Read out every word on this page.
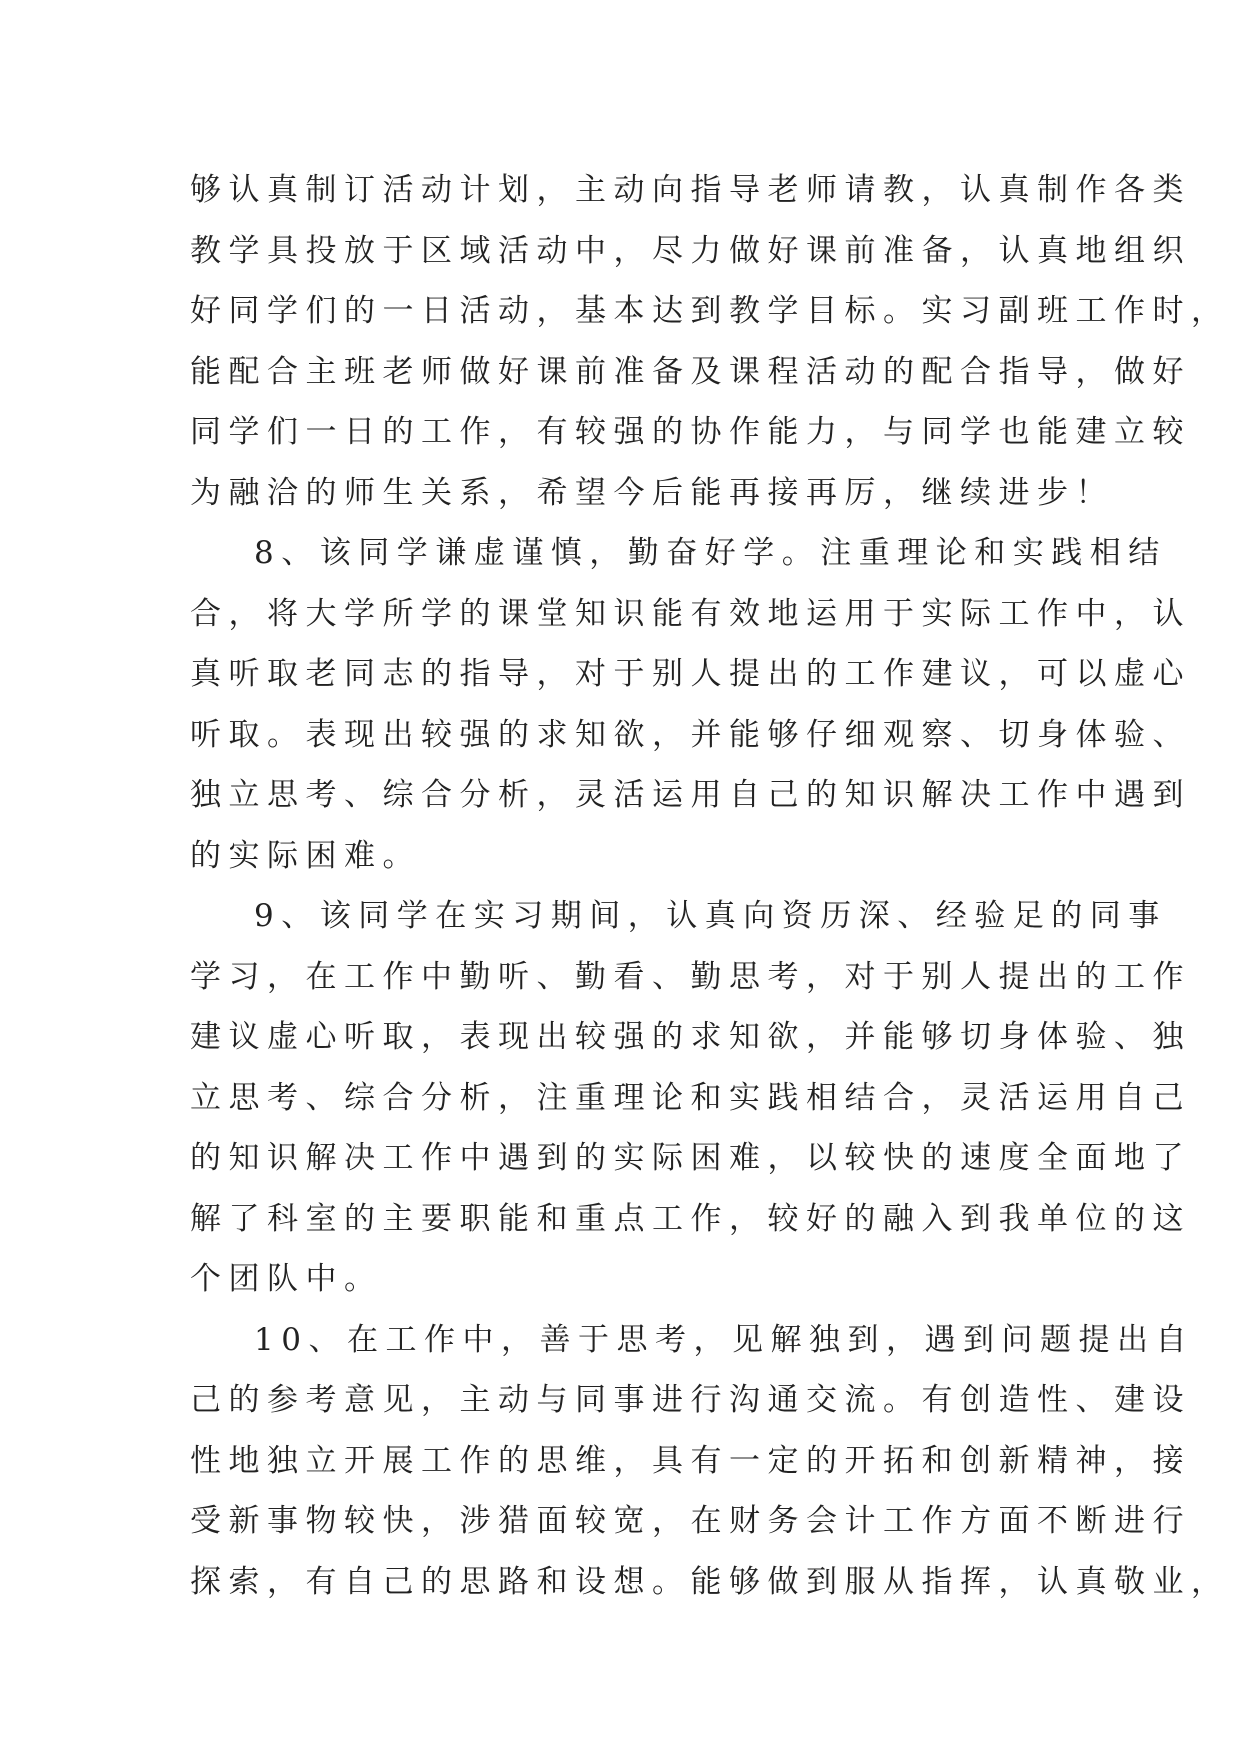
够认真制订活动计划，主动向指导老师请教，认真制作各类
教学具投放于区域活动中，尽力做好课前准备，认真地组织
好同学们的一日活动，基本达到教学目标。实习副班工作时，
能配合主班老师做好课前准备及课程活动的配合指导，做好
同学们一日的工作，有较强的协作能力，与同学也能建立较
为融洽的师生关系，希望今后能再接再厉，继续进步！
8、该同学谦虚谨慎，勤奋好学。注重理论和实践相结
合，将大学所学的课堂知识能有效地运用于实际工作中，认
真听取老同志的指导，对于别人提出的工作建议，可以虚心
听取。表现出较强的求知欲，并能够仔细观察、切身体验、
独立思考、综合分析，灵活运用自己的知识解决工作中遇到
的实际困难。
9、该同学在实习期间，认真向资历深、经验足的同事
学习，在工作中勤听、勤看、勤思考，对于别人提出的工作
建议虚心听取，表现出较强的求知欲，并能够切身体验、独
立思考、综合分析，注重理论和实践相结合，灵活运用自己
的知识解决工作中遇到的实际困难，以较快的速度全面地了
解了科室的主要职能和重点工作，较好的融入到我单位的这
个团队中。
10、在工作中，善于思考，见解独到，遇到问题提出自
己的参考意见，主动与同事进行沟通交流。有创造性、建设
性地独立开展工作的思维，具有一定的开拓和创新精神，接
受新事物较快，涉猎面较宽，在财务会计工作方面不断进行
探索，有自己的思路和设想。能够做到服从指挥，认真敬业，
